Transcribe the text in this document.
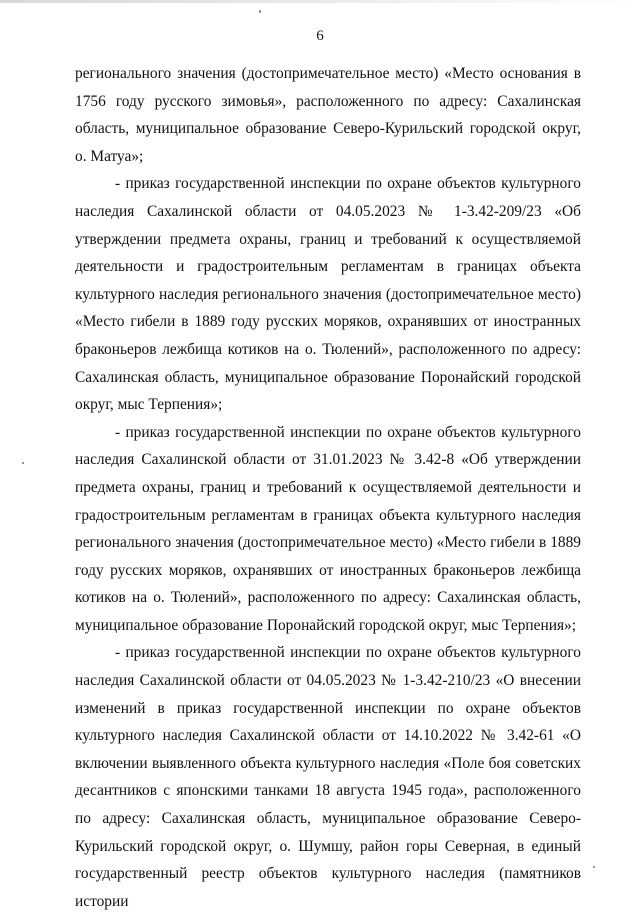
6

регионального значения (достопримечательное место) «Место основания в 1756 году русского зимовья», расположенного по адресу: Сахалинская область, муниципальное образование Северо-Курильский городской округ, о. Матуа»;

- приказ государственной инспекции по охране объектов культурного наследия Сахалинской области от 04.05.2023 № 1-3.42-209/23 «Об утверждении предмета охраны, границ и требований к осуществляемой деятельности и градостроительным регламентам в границах объекта культурного наследия регионального значения (достопримечательное место) «Место гибели в 1889 году русских моряков, охранявших от иностранных браконьеров лежбища котиков на о. Тюлений», расположенного по адресу: Сахалинская область, муниципальное образование Поронайский городской округ, мыс Терпения»;

- приказ государственной инспекции по охране объектов культурного наследия Сахалинской области от 31.01.2023 № 3.42-8 «Об утверждении предмета охраны, границ и требований к осуществляемой деятельности и градостроительным регламентам в границах объекта культурного наследия регионального значения (достопримечательное место) «Место гибели в 1889 году русских моряков, охранявших от иностранных браконьеров лежбища котиков на о. Тюлений», расположенного по адресу: Сахалинская область, муниципальное образование Поронайский городской округ, мыс Терпения»;

- приказ государственной инспекции по охране объектов культурного наследия Сахалинской области от 04.05.2023 № 1-3.42-210/23 «О внесении изменений в приказ государственной инспекции по охране объектов культурного наследия Сахалинской области от 14.10.2022 № 3.42-61 «О включении выявленного объекта культурного наследия «Поле боя советских десантников с японскими танками 18 августа 1945 года», расположенного по адресу: Сахалинская область, муниципальное образование Северо-Курильский городской округ, о. Шумшу, район горы Северная, в единый государственный реестр объектов культурного наследия (памятников истории
